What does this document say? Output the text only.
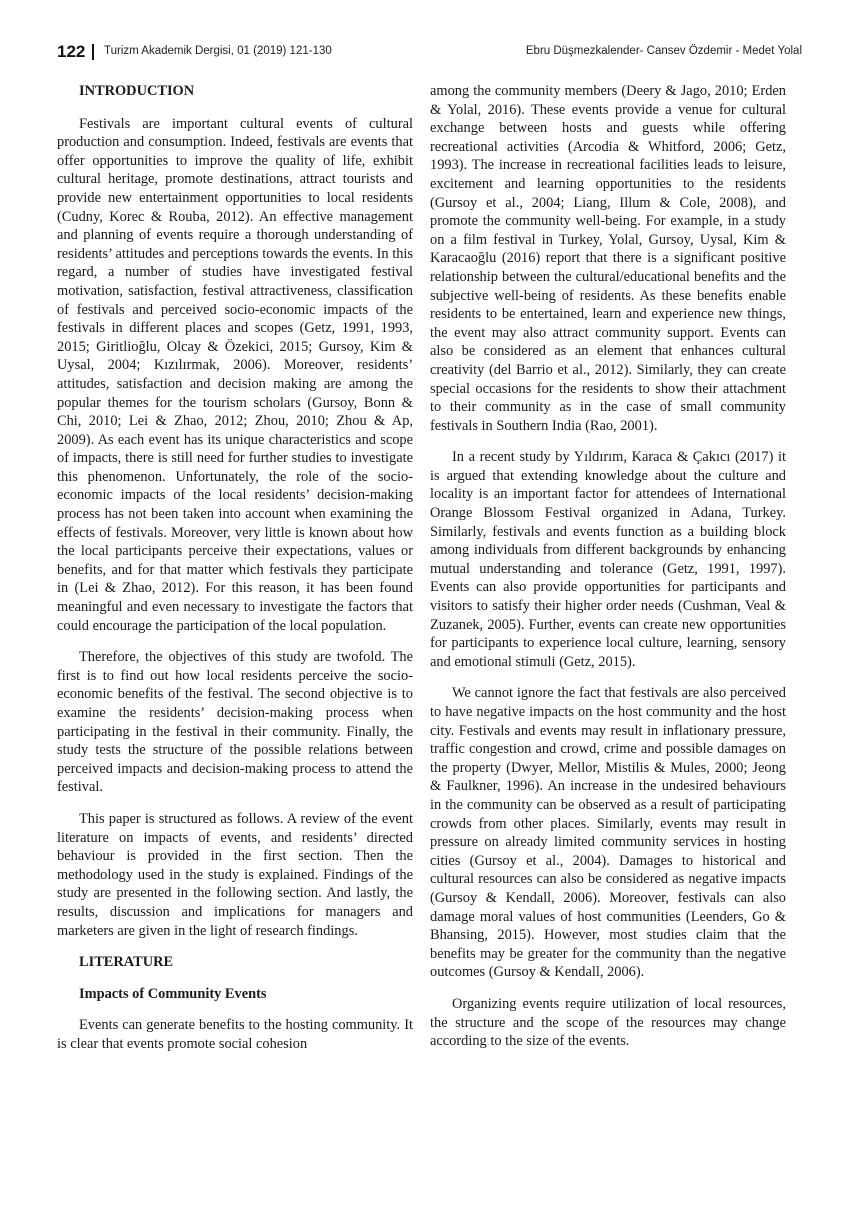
122 Turizm Akademik Dergisi, 01 (2019) 121-130	Ebru Düşmezkalender- Cansev Özdemir - Medet Yolal
INTRODUCTION

Festivals are important cultural events of cultural production and consumption. Indeed, festivals are events that offer opportunities to improve the quality of life, exhibit cultural heritage, promote destinations, attract tourists and provide new entertainment opportunities to local residents (Cudny, Korec & Rouba, 2012). An effective management and planning of events require a thorough understanding of residents’ attitudes and perceptions towards the events. In this regard, a number of studies have investigated festival motivation, satisfaction, festival attractiveness, classification of festivals and perceived socio-economic impacts of the festivals in different places and scopes (Getz, 1991, 1993, 2015; Giritlioğlu, Olcay & Özekici, 2015; Gursoy, Kim & Uysal, 2004; Kızılırmak, 2006). Moreover, residents’ attitudes, satisfaction and decision making are among the popular themes for the tourism scholars (Gursoy, Bonn & Chi, 2010; Lei & Zhao, 2012; Zhou, 2010; Zhou & Ap, 2009). As each event has its unique characteristics and scope of impacts, there is still need for further studies to investigate this phenomenon. Unfortunately, the role of the socio-economic impacts of the local residents’ decision-making process has not been taken into account when examining the effects of festivals. Moreover, very little is known about how the local participants perceive their expectations, values or benefits, and for that matter which festivals they participate in (Lei & Zhao, 2012). For this reason, it has been found meaningful and even necessary to investigate the factors that could encourage the participation of the local population.

Therefore, the objectives of this study are twofold. The first is to find out how local residents perceive the socio-economic benefits of the festival. The second objective is to examine the residents’ decision-making process when participating in the festival in their community. Finally, the study tests the structure of the possible relations between perceived impacts and decision-making process to attend the festival.

This paper is structured as follows. A review of the event literature on impacts of events, and residents’ directed behaviour is provided in the first section. Then the methodology used in the study is explained. Findings of the study are presented in the following section. And lastly, the results, discussion and implications for managers and marketers are given in the light of research findings.

LITERATURE
Impacts of Community Events

Events can generate benefits to the hosting community. It is clear that events promote social cohesion

among the community members (Deery & Jago, 2010; Erden & Yolal, 2016). These events provide a venue for cultural exchange between hosts and guests while offering recreational activities (Arcodia & Whitford, 2006; Getz, 1993). The increase in recreational facilities leads to leisure, excitement and learning opportunities to the residents (Gursoy et al., 2004; Liang, Illum & Cole, 2008), and promote the community well-being. For example, in a study on a film festival in Turkey, Yolal, Gursoy, Uysal, Kim & Karacaoğlu (2016) report that there is a significant positive relationship between the cultural/educational benefits and the subjective well-being of residents. As these benefits enable residents to be entertained, learn and experience new things, the event may also attract community support. Events can also be considered as an element that enhances cultural creativity (del Barrio et al., 2012). Similarly, they can create special occasions for the residents to show their attachment to their community as in the case of small community festivals in Southern India (Rao, 2001).

In a recent study by Yıldırım, Karaca & Çakıcı (2017) it is argued that extending knowledge about the culture and locality is an important factor for attendees of International Orange Blossom Festival organized in Adana, Turkey. Similarly, festivals and events function as a building block among individuals from different backgrounds by enhancing mutual understanding and tolerance (Getz, 1991, 1997). Events can also provide opportunities for participants and visitors to satisfy their higher order needs (Cushman, Veal & Zuzanek, 2005). Further, events can create new opportunities for participants to experience local culture, learning, sensory and emotional stimuli (Getz, 2015).

We cannot ignore the fact that festivals are also perceived to have negative impacts on the host community and the host city. Festivals and events may result in inflationary pressure, traffic congestion and crowd, crime and possible damages on the property (Dwyer, Mellor, Mistilis & Mules, 2000; Jeong & Faulkner, 1996). An increase in the undesired behaviours in the community can be observed as a result of participating crowds from other places. Similarly, events may result in pressure on already limited community services in hosting cities (Gursoy et al., 2004). Damages to historical and cultural resources can also be considered as negative impacts (Gursoy & Kendall, 2006). Moreover, festivals can also damage moral values of host communities (Leenders, Go & Bhansing, 2015). However, most studies claim that the benefits may be greater for the community than the negative outcomes (Gursoy & Kendall, 2006).

Organizing events require utilization of local resources, the structure and the scope of the resources may change according to the size of the events.
